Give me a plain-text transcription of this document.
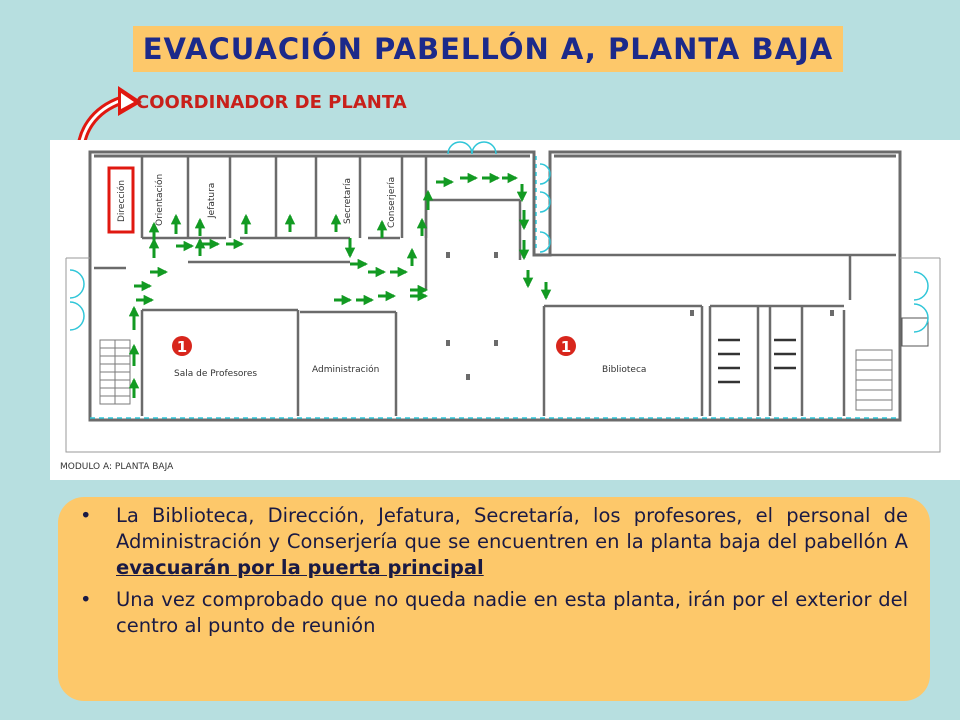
EVACUACIÓN PABELLÓN A, PLANTA BAJA
COORDINADOR DE PLANTA
Dirección	Orientación	Jefatura	Secretaría	Conserjería
Sala de Profesores	Administración	Biblioteca
1	1
MODULO A: PLANTA BAJA
• La Biblioteca, Dirección, Jefatura, Secretaría, los profesores, el personal de Administración y Conserjería que se encuentren en la planta baja del pabellón A evacuarán por la puerta principal
• Una vez comprobado que no queda nadie en esta planta, irán por el exterior del centro al punto de reunión
